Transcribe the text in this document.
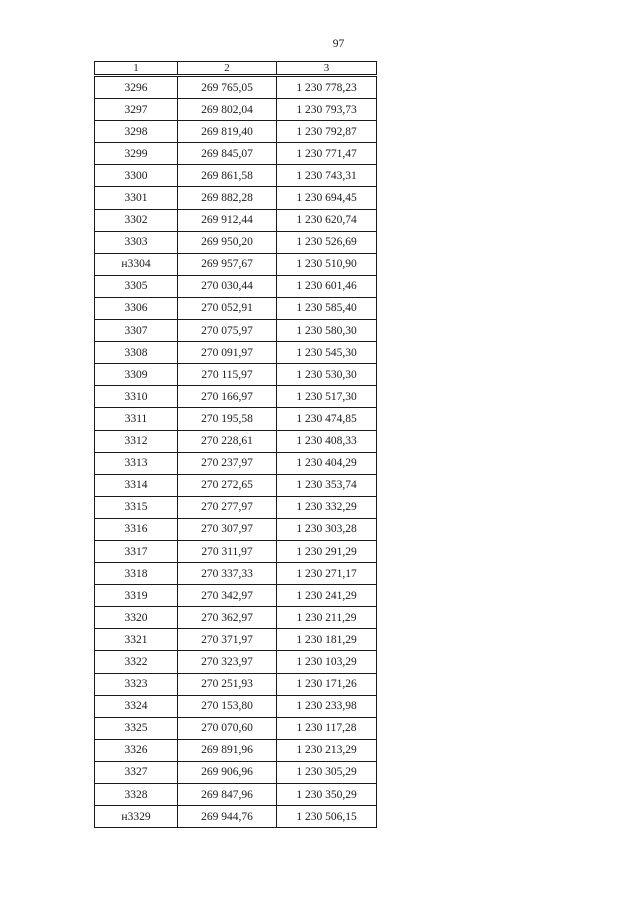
97
1	2	3
3296	269 765,05	1 230 778,23
3297	269 802,04	1 230 793,73
3298	269 819,40	1 230 792,87
3299	269 845,07	1 230 771,47
3300	269 861,58	1 230 743,31
3301	269 882,28	1 230 694,45
3302	269 912,44	1 230 620,74
3303	269 950,20	1 230 526,69
н3304	269 957,67	1 230 510,90
3305	270 030,44	1 230 601,46
3306	270 052,91	1 230 585,40
3307	270 075,97	1 230 580,30
3308	270 091,97	1 230 545,30
3309	270 115,97	1 230 530,30
3310	270 166,97	1 230 517,30
3311	270 195,58	1 230 474,85
3312	270 228,61	1 230 408,33
3313	270 237,97	1 230 404,29
3314	270 272,65	1 230 353,74
3315	270 277,97	1 230 332,29
3316	270 307,97	1 230 303,28
3317	270 311,97	1 230 291,29
3318	270 337,33	1 230 271,17
3319	270 342,97	1 230 241,29
3320	270 362,97	1 230 211,29
3321	270 371,97	1 230 181,29
3322	270 323,97	1 230 103,29
3323	270 251,93	1 230 171,26
3324	270 153,80	1 230 233,98
3325	270 070,60	1 230 117,28
3326	269 891,96	1 230 213,29
3327	269 906,96	1 230 305,29
3328	269 847,96	1 230 350,29
н3329	269 944,76	1 230 506,15
